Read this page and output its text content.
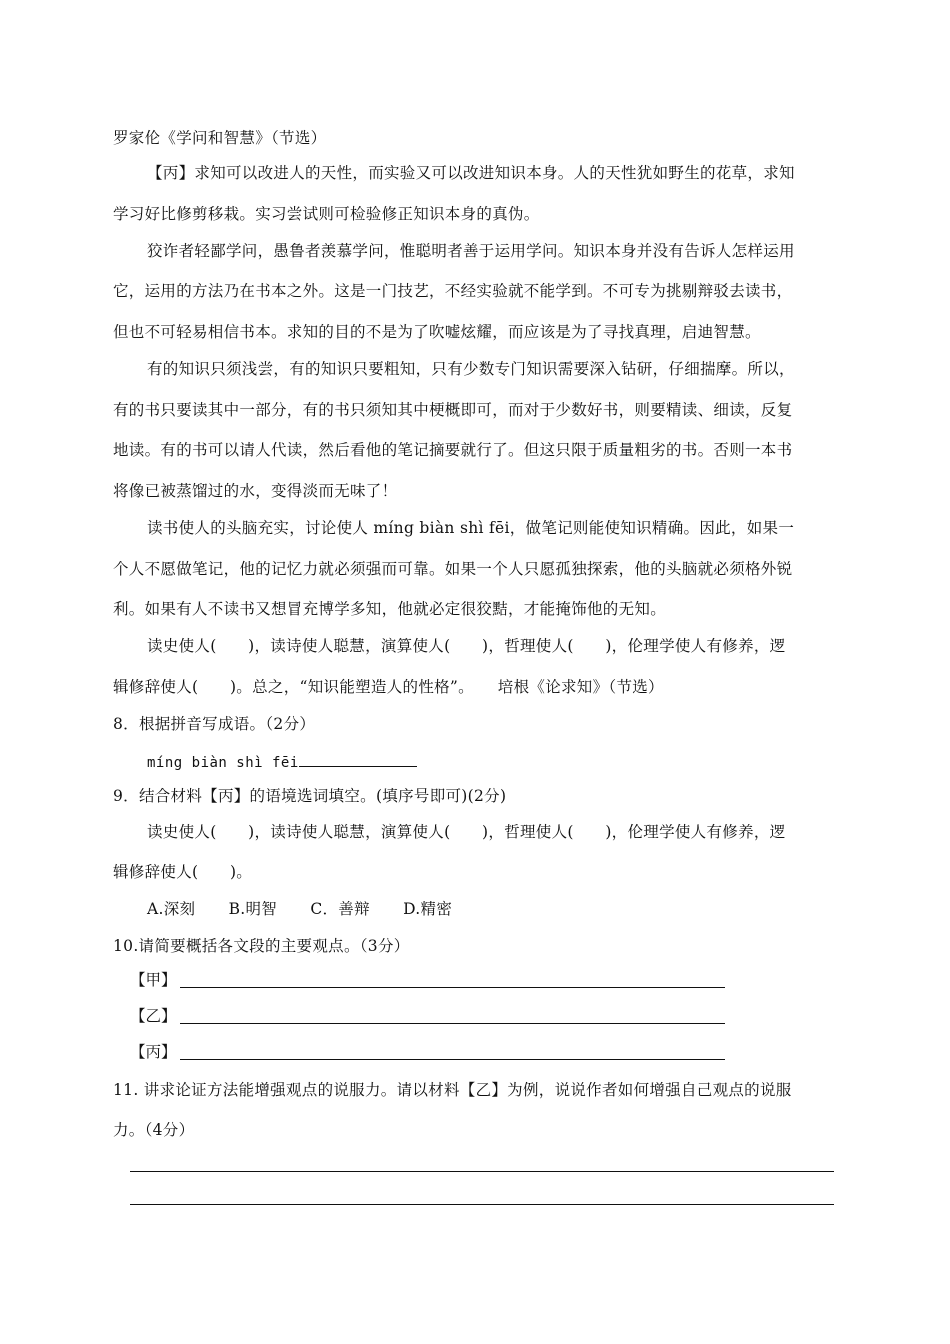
罗家伦《学问和智慧》（节选）
【丙】求知可以改进人的天性，而实验又可以改进知识本身。人的天性犹如野生的花草，求知
学习好比修剪移栽。实习尝试则可检验修正知识本身的真伪。
狡诈者轻鄙学问，愚鲁者羡慕学问，惟聪明者善于运用学问。知识本身并没有告诉人怎样运用
它，运用的方法乃在书本之外。这是一门技艺，不经实验就不能学到。不可专为挑剔辩驳去读书，
但也不可轻易相信书本。求知的目的不是为了吹嘘炫耀，而应该是为了寻找真理，启迪智慧。
有的知识只须浅尝，有的知识只要粗知，只有少数专门知识需要深入钻研，仔细揣摩。所以，
有的书只要读其中一部分，有的书只须知其中梗概即可，而对于少数好书，则要精读、细读，反复
地读。有的书可以请人代读，然后看他的笔记摘要就行了。但这只限于质量粗劣的书。否则一本书
将像已被蒸馏过的水，变得淡而无味了！
读书使人的头脑充实，讨论使人 míng biàn shì fēi，做笔记则能使知识精确。因此，如果一
个人不愿做笔记，他的记忆力就必须强而可靠。如果一个人只愿孤独探索，他的头脑就必须格外锐
利。如果有人不读书又想冒充博学多知，他就必定很狡黠，才能掩饰他的无知。
读史使人(　　)，读诗使人聪慧，演算使人(　　)，哲理使人(　　)，伦理学使人有修养，逻
辑修辞使人(　　)。总之，“知识能塑造人的性格”。　　培根《论求知》（节选）
8．根据拼音写成语。（2分）
míng biàn shì fēi
9．结合材料【丙】的语境选词填空。(填序号即可)(2分)
读史使人(　　)，读诗使人聪慧，演算使人(　　)，哲理使人(　　)，伦理学使人有修养，逻
辑修辞使人(　　)。
A.深刻 B.明智 C．善辩 D.精密
10.请简要概括各文段的主要观点。（3分）
【甲】
【乙】
【丙】
11. 讲求论证方法能增强观点的说服力。请以材料【乙】为例，说说作者如何增强自己观点的说服
力。（4分）
